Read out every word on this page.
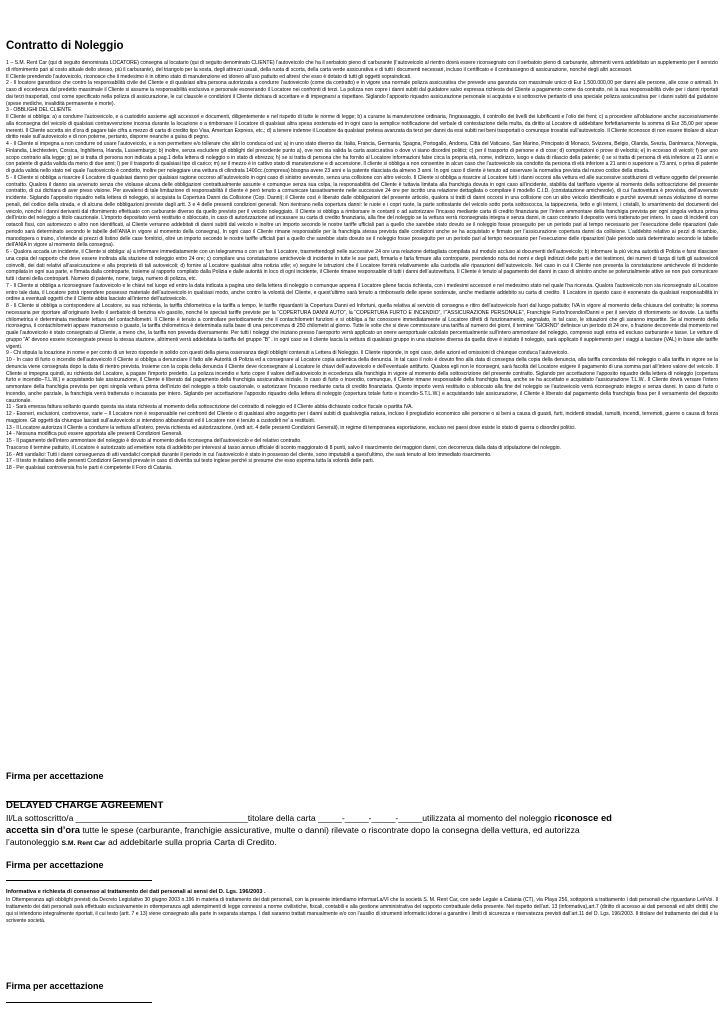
Contratto di Noleggio

1 – S.M. Rent Car (qui di seguito denominata LOCATORE) consegna al locatario (qui di seguito denominato CLIENTE) l’autoveicolo che ha il serbatoio pieno di carburante (l’autoveicolo al rientro dovrà essere riconsegnato con il serbatoio pieno di carburante, altrimenti verrà addebitato un supplemento per il servizio di rifornimento pari al costo attuale dello stesso, più il carburante), del triangolo per la sosta, degli attrezzi usuali, della ruota di scorta, della carta verde assicurativa e di tutti i documenti necessari, incluso il certificato e il contrassegno di assicurazione, nonché degli altri accessori.

Il Cliente prendendo l’autoveicolo, riconosce che il medesimo è in ottimo stato di manutenzione ed idoneo all’uso pattuito ed altresì che esso è dotato di tutti gli oggetti sopraindicati.

2 - Il locatore garantisce che contro la responsabilità civile del Cliente e di qualsiasi altra persona autorizzata a condurre l’autoveicolo (come da contratto) e in vigore una normale polizza assicurativa che prevede una garanzia con massimale unico di Eur 1.500.000,00 per danni alle persone, alle cose o animali. In caso di eccedenza dal predetto massimale il Cliente si assume la responsabilità esclusiva e personale esonerando il Locatore nei confronti di terzi. La polizza non copre i danni subiti dal guidatore salvo espressa richiesta del Cliente a pagamento come da contratto, né la sua responsabilità civile per i danni riportati dai terzi trasportati, così come specificato nella polizza di assicurazione, le cui clausole e condizioni il Cliente dichiara di accettare e di impegnarsi a rispettare. Siglando l’apposito riquadro assicurazione personale si acquista e si sottoscrive pertanto di una speciale polizza assicurativa per i danni subiti dal guidatore (spese mediche, invalidità permanente e morte).

3 - OBBLIGHI DEL CLIENTE

Il Cliente si obbliga: a) a condurre l’autoveicolo, e a custodirlo assieme agli accessori e documenti, diligentemente e nel rispetto di tutte le norme di legge; b) a curarne la manutenzione ordinaria, l’ingrassaggio, il controllo dei livelli dei lubrificanti e l’olio dei freni; c) a procedere all’oblazione anche successivamente alla riconsegna del veicolo di qualsiasi contravvenzione incorsa durante la locazione o a rimborsare il Locatore di qualsiasi altra spesa sostenuta ed in ogni caso la semplice notificazione del verbale di contestazione della multa, da diritto al Locatore di addebitare forfettariamente la somma di Eur 35,00 per spese inerenti. Il Cliente accetta sin d’ora di pagare tale cifra a mezzo di carta di credito tipo Visa, American Express, etc.; d) a tenere indenne il Locatore da qualsiasi pretesa avanzata da terzi per danni da essi subiti nei beni trasportati o comunque trovatisi sull’autoveicolo. Il Cliente riconosce di non essere titolare di alcun diritto reale sull’autoveicolo e di non poterne, pertanto, disporre neanche a guisa di pegno.

4 - Il Cliente si impegna a non condurre od usare l’autoveicolo, e a non permettere e/o tollerare che altri lo conduca od usi; a) in uno stato diverso da: Italia, Francia, Germania, Spagna, Portogallo, Andorra, Città del Vaticano, San Marino, Principato di Monaco, Svizzera, Belgio, Olanda, Svezia, Danimarca, Norvegia, Finlandia, Liechtestein, Corsica, Inghilterra, Irlanda, Lussemburgo; b) inoltre, senza escludere gli obblighi del precedente punto a), ove non sia valida la carta assicurativa o dove vi siano disordini politici; c) per il trasporto di persone e di cose; d) competizioni o prove di velocità; e) in eccesso di veicoli; f) per uno scopo contrario alla legge; g) se si tratta di persona non indicata a pag.1 della lettera di noleggio o in stato di ebrezza; h) se si tratta di persona che ha fornito al Locatore informazioni false circa la propria età, nome, indirizzo, luogo e data di rilascio della patente; i) se si tratta di persona di età inferiore ai 21 anni e con patente di guida valida da meno di due anni; l) per il trasporto di qualsiasi tipo di carico; m) se il mezzo è in cattivo stato di manutenzione e di accensione. Il cliente si obbliga a non consentire in alcun caso che l’autoveicolo sia condotto da persona di età inferiore a 21 anni o superiore a 73 anni, o priva di patente di guida valida nello stato nel quale l’autoveicolo è condotto, inoltre per noleggiare una vettura di cilindrata 1400cc.(compresa) bisogna avere 23 anni e la patente rilasciata da almeno 3 anni. In ogni caso il cliente è tenuto ad osservare la normativa prevista dal nuovo codice della strada.

5 - Il Cliente si obbliga a risarcire il Locatore di qualsiasi danno per qualsiasi ragione occorso all’autoveicolo in ogni caso di sinistro avvenuto, senza una collisione con altro veicolo. Il Cliente si obbliga a risarcire al Locatore tutti i danni occorsi alla vettura ed alle successive sostituzioni di vetture oggetto del presente contratto. Qualora il danno sia avvenuto senza che violasse alcuna delle obbligazioni contrattualmente assunte e comunque senza sua colpa, la responsabilità del Cliente è tuttavia limitata alla franchigia dovuta in ogni caso all’incidente, stabilita dal tariffario vigente al momento della sottoscrizione del presente contratto, di cui dichiara di aver preso visione. Per avvalersi di tale limitazione di responsabilità il cliente è però tenuto a comunicare tassativamente nelle successive 24 ore per iscritto una relazione dettagliata o compilare il modello C.I.D. (constatazione amichevole), di cui l’autovettura è provvista, dell’avvenuto incidente. Siglando l’apposito riquadro nella lettera di noleggio, si acquista la Copertura Danni da Collisione (Cop. Danni); il Cliente così è liberato dalle obbligazioni del presente articolo, qualora si tratti di danni occorsi in una collisione con un altro veicolo identificato e purché avvenuti senza violazione di norme penali, del codice della strada, e di alcuna delle obbligazioni previste dagli artt. 3 e 4 delle presenti condizioni generali. Non rientrano nella copertura danni: le ruote e i copri ruote, la parte sottostante del veicolo sotto porta sottoscocca, la tappezzeria, tetto e gli interni, i cristalli, lo smarrimento dei documenti del veicolo, nonché i danni derivanti dal rifornimento effettuato con carburante diverso da quello previsto per il veicolo noleggiato. Il Cliente si obbliga a rimborsare in contanti o ad autorizzare l’incasso mediante carta di credito finanziaria per l’intero ammontare della franchigia prevista per ogni singola vettura prima dell’inizio del noleggio a titolo cauzionale. L’importo depositato verrà restituito o sbloccato, in caso di autorizzazione ad incassare su carta di credito finanziaria, alla fine del noleggio se la vettura verrà riconsegnata integra e senza danni, in caso contrario il deposito verrà trattenuto per intero. In caso di incidenti con ostacoli fissi, con automezzo o altro non identificati, al Cliente verranno addebitati di danni subiti dal veicolo e inoltre un importo secondo le nostre tariffe ufficiali pari a quello che sarebbe stato dovuto se il noleggio fosse proseguito per un periodo pari al tempo necessario per l’esecuzione delle riparazioni (tale periodo sarà determinato secondo le tabelle dell’ANIA in vigore al momento della consegna). In ogni caso il Cliente rimane responsabile per la franchigia stessa prevista dalle condizioni anche se ha acquistato e firmato per l’assicurazione copertura danni da collisione. L’addebito relativo ai pezzi di ricambio, manodopera o traino, s’intende ai prezzi di listino delle case fornitrici, oltre un importo secondo le nostre tariffe ufficiali pari a quello che sarebbe stato dovuto se il noleggio fosse proseguito per un periodo pari al tempo necessario per l’esecuzione delle riparazioni (tale periodo sarà determinato secondo le tabelle dell’ANIA in vigore al momento della consegna).

6 - Qualora accada un incidente, il Cliente si obbliga: a) a informare immediatamente con un telegramma o con un fax il Locatore, trasmettendogli nelle successive 24 ore una relazione dettagliata compilata sul modulo accluso ai documenti dell’autoveicolo; b) informare la più vicina autorità di Polizia e farsi rilasciare una copia del rapporto che deve essere inoltrata alla stazione di noleggio entro 24 ore; c) compilare una constatazione amichevole di incidente in tutte le sue parti, firmarla e farla firmare alla controparte, prendendo nota dei nomi e degli indirizzi delle parti e dei testimoni, dei numeri di targa di tutti gli autoveicoli coinvolti, dei dati relativi all’assicurazione e alla proprietà di tali autoveicoli; d) fornire al Locatore qualsiasi altra notizia utile; e) seguire le istruzioni che il Locatore fornirà relativamente alla custodia alle riparazioni dell’autoveicolo. Nel caso in cui il Cliente non presenta la constatazione amichevole di incidente compilata in ogni sua parte, e firmata dalla controparte, insieme al rapporto compilato dalla Polizia e dalle autorità in loco di ogni incidente, il Cliente rimane responsabile di tutti i danni dell’autovettura. Il Cliente è tenuto al pagamento dei danni in caso di sinistro anche se potenzialmente attivo se non può comunicare tutti i danni della controparti. Numero di patente, nome, targa, numero di polizza, etc.

7 - Il Cliente si obbliga a riconsegnare l’autoveicolo e le chiavi nel luogo ed entro la data indicata a pagina uno della lettera di noleggio o comunque appena il Locatore gliene faccia richiesta, con i medesimi accessori e nel medesimo stato nel quale l’ha ricevuta. Qualora l’autoveicolo non sia riconsegnato al Locatore entro tale data, il Locatore potrà riprendere possesso materiale dell’autoveicolo in qualsiasi modo, anche contro la volontà del Cliente, e quest’ultimo sarà tenuto a rimborsarlo delle spese sostenute, anche mediante addebito su carta di credito. Il Locatore in questo caso è esonerato da qualsiasi responsabilità in ordine a eventuali oggetti che il Cliente abbia lasciato all’interno dell’autoveicolo.

8 - Il Cliente si obbliga a corrispondere al Locatore, su sua richiesta, la tariffa chilometrica e la tariffa a tempo, le tariffe riguardanti la Copertura Danni ed Infortuni, quella relativa al servizio di consegna e ritiro dell’autoveicolo fuori dal luogo pattuito; IVA in vigore al momento della chiusura del contratto; la somma necessaria per riportare all’originario livello il serbatoio di benzina e/o gasolio, nonché le speciali tariffe previste per la “COPERTURA DANNI AUTO”, la “COPERTURA FURTO E INCENDIO”, l’“ASSICURAZIONE PERSONALE”, Franchigie Furto/Incendio/Danni e per il servizio di rifornimento se dovute. La tariffa chilometrica è determinata mediante lettura del contachilometri. Il Cliente è tenuto a controllare periodicamente che il contachilometri funzioni e si obbliga a far conoscere immediatamente al Locatore difetti di funzionamento, segnalato, in tal caso, le situazioni che gli saranno impartite. Se al momento della riconsegna, il contachilometri appare manomesso o guasto, la tariffa chilometrica è determinata sulla base di una percorrenza di 250 chilometri al giorno. Tutte le volte che si deve commisurare una tariffa al numero dei giorni, il termine “GIORNO” definisce un periodo di 24 ore, o frazione decorrente dal momento nel quale l’autoveicolo è stato consegnato al Cliente, a meno che, la tariffa non preveda diversamente. Per tutti i noleggi che iniziano presso l’aeroporto verrà applicato un onere aeroportuale calcolato percentualmente sull’intero ammontare del noleggio, compreso sugli extra ed escluso carburante e tasse. Le vetture di gruppo “A” devono essere riconsegnate presso la stessa stazione, altrimenti verrà addebitata la tariffa del gruppo “B” . in ogni caso se il cliente lascia la vettura di qualsiasi gruppo in una stazione diversa da quella dove è iniziato il noleggio, sarà applicato il supplemento per i viaggi a lasciare (VAL) in base alle tariffe vigenti.

9 - Chi stipula la locazione in nome e per conto di un terzo risponde in solido con questi della piena osservanza degli obblighi contenuti a Lettera di Noleggio. Il Cliente risponde, in ogni caso, delle azioni ed omissioni di chiunque conduca l’autoveicolo.

10 - In caso di furto o incendio dell’autoveicolo il Cliente si obbliga a denunciare il fatto alle Autorità di Polizia ed a consegnare al Locatore copia autentica della denuncia. In tal caso il nolo è dovuto fino alla data di consegna della copia della denuncia, alla tariffa concordata del noleggio o alla tariffa in vigore se la denuncia viene consegnata dopo la data di rientro prevista. Insieme con la copia della denuncia il Cliente deve riconsegnare al Locatore le chiavi dell’autoveicolo e dell’eventuale antifurto. Qualora egli non le riconsegni, sarà facoltà del Locatore esigere il pagamento di una somma pari all’intero valore del veicolo. Il Cliente si impegna quindi, su richiesta del Locatore, a pagare l’importo predetto. La polizza incendio e furto copre il valore dell’autoveicolo in eccedenza alla franchigia in vigore al momento della sottoscrizione del presente contratto. Siglando per accettazione l’apposito riquadro della lettera di noleggio (copertura furto e incendio–T.L.W.) e acquistando tale assicurazione, il Cliente è liberato dal pagamento della franchigia assicurativa iniziale. In caso di furto o incendio, comunque, il Cliente rimane responsabile della franchigia fissa, anche se ha accettato e acquistato l’assicurazione T.L.W.. Il Cliente dovrà versare l’intero ammontare della franchigia prevista per ogni singola vettura prima dell’inizio del noleggio a titolo cauzionale, o autorizzare l’incasso mediante carta di credito finanziaria. Questo importo verrà restituito o sbloccato alla fine del noleggio se l’autoveicolo verrà riconsegnato integro e senza danni. In caso di furto o incendio, anche parziale, la franchigia verrà trattenuta o incassata per intero. Siglando per accettazione l’apposito riquadro della lettera di noleggio (copertura totale furto e incendio-S.T.L.W.) e acquistando tale assicurazione, il Cliente è liberato dal pagamento della franchigia fissa per il versamento del deposito cauzionale.

11 - Sarà emessa fattura soltanto quando questa sia stata richiesta al momento della sottoscrizione del contratto di noleggio ed il Cliente abbia dichiarato codice fiscale o partita IVA.

12 - Esoneri, esclusioni, controverse, varie – Il Locatore non è responsabile nei confronti del Cliente o di qualsiasi altro soggetto per i danni subiti di qualsivoglia natura, incluso il pregiudizio economico alle persone o ai beni a causa di guasti, furti, incidenti stradali, tumulti, incendi, terremoti, guerre o causa di forza maggiore. Gli oggetti da chiunque lasciati sull’autoveicolo si intendono abbandonati ed il Locatore non è tenuto a custodirli ne’ a restituirli.

13 - Il Locatore autorizza il Cliente a condurre la vettura all’estero, previa richiesta ed autorizzazione, (vedi art. 4 delle presenti Condizioni Generali), in regime di temporanea esportazione, escluso nei paesi dove esiste lo stato di guerra o disordini politici.

14 - Nessuna modifica può essere apportata alle presenti Condizioni Generali.

15 - Il pagamento dell’intero ammontare del noleggio è dovuto al momento della riconsegna dell’autoveicolo e del relativo contratto.

Trascorso il termine pattuito, il Locatore è autorizzato ad emettere nota di addebito per interessi al tasso annuo ufficiale di sconto maggiorato di 8 punti, salvo il risarcimento dei maggiori danni, con decorrenza dalla data di stipulazione del noleggio.

16 - Atti vandalici: Tutti i danni conseguenza di atti vandalici compiuti durante il periodo in cui l’autoveicolo è stato in possesso del cliente, sono imputabili a quest’ultimo, che sarà tenuto al loro immediato risarcimento.

17 - Il testo in italiano delle presenti Condizioni Generali prevale in caso di divertita sul testo inglese perché si presume che esso esprima tutta la volontà delle parti.

18 - Per qualsiasi controversia fra le parti è competente il Foro di Catania.

Firma per accettazione
DELAYED CHARGE AGREEMENT
Il/La sottoscritto/a ____________________________________titolare della carta _____-_____-_____-_____utilizzata al momento del noleggio riconosce ed
accetta sin d’ora tutte le spese (carburante, franchigie assicurative, multe o danni) rilevate o riscontrate dopo la consegna della vettura, ed autorizza
l’autonoleggio S.M. Rent Car ad addebitarle sulla propria Carta di Credito.
Firma per accettazione
Informativa e richiesta di consenso al trattamento dei dati personali ai sensi del D. Lgs. 196/2003 .
In Ottemperanza agli obblighi previsti da Decreto Legislativo 30 giugno 2003 n.196 in materia di trattamento dei dati personali, con la presente intendiamo informarLa/VI che la società S. M. Rent Car, con sede Legale a Catania (CT), via Playa 256, sottoporrà a trattamento i dati personali che riguardano Lei/Voi. Il trattamento dei dati personali sarà effettuato esclusivamente in ottemperanza agli adempimenti di legge connessi a norme civilistiche, fiscali, contabili e alla gestione amministrativa del rapporto contrattuale della presente. Nel rispetto dell’art. 13 (informativa),art.7 (diritto di accesso ai dati personali ed altri diritti) che qui si intendono integralmente riportati, il cui testo (artt. 7 e 13) viene consegnato alla parte in separata stampa. I dati saranno trattati manualmente e/o con l’ausilio di strumenti informatici idonei a garantire i limiti di sicurezza e riservatezza previsti dall’art.11 del D. Lgs. 196/2003. Il titolare del trattamento dei dati è la scrivente società.
Firma per accettazione
